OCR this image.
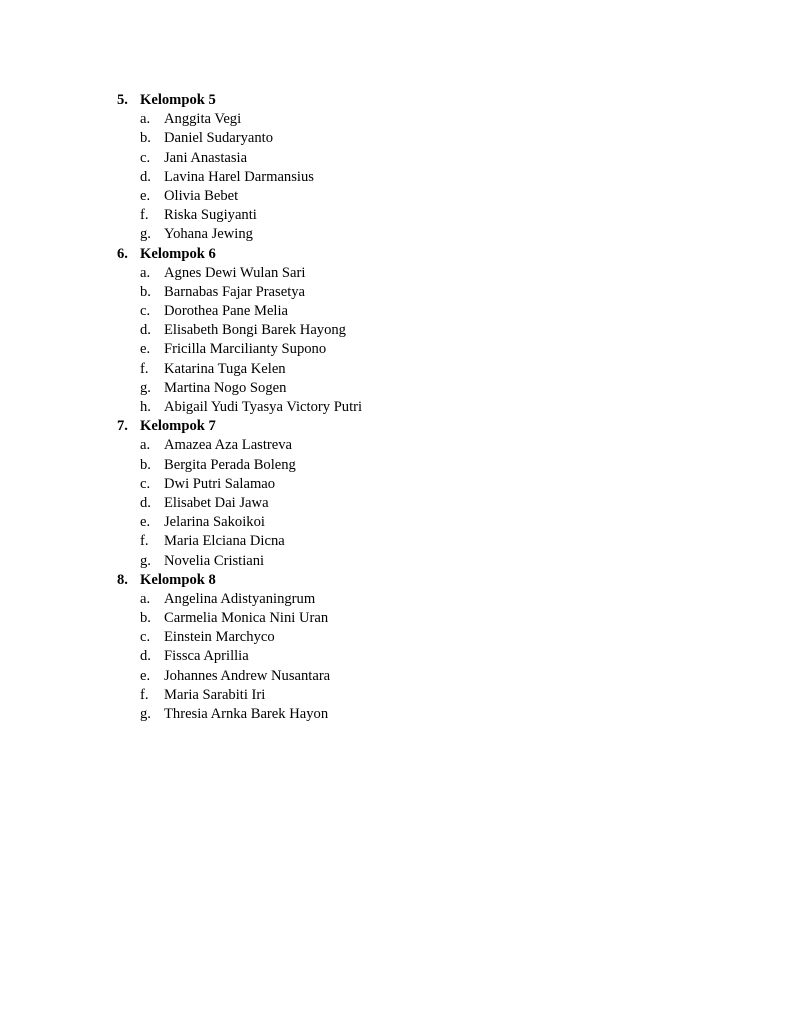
5. Kelompok 5
a. Anggita Vegi
b. Daniel Sudaryanto
c. Jani Anastasia
d. Lavina Harel Darmansius
e. Olivia Bebet
f. Riska Sugiyanti
g. Yohana Jewing
6. Kelompok 6
a. Agnes Dewi Wulan Sari
b. Barnabas Fajar Prasetya
c. Dorothea Pane Melia
d. Elisabeth Bongi Barek Hayong
e. Fricilla Marcilianty Supono
f. Katarina Tuga Kelen
g. Martina Nogo Sogen
h. Abigail Yudi Tyasya Victory Putri
7. Kelompok 7
a. Amazea Aza Lastreva
b. Bergita Perada Boleng
c. Dwi Putri Salamao
d. Elisabet Dai Jawa
e. Jelarina Sakoikoi
f. Maria Elciana Dicna
g. Novelia Cristiani
8. Kelompok 8
a. Angelina Adistyaningrum
b. Carmelia Monica Nini Uran
c. Einstein Marchyco
d. Fissca Aprillia
e. Johannes Andrew Nusantara
f. Maria Sarabiti Iri
g. Thresia Arnka Barek Hayon
